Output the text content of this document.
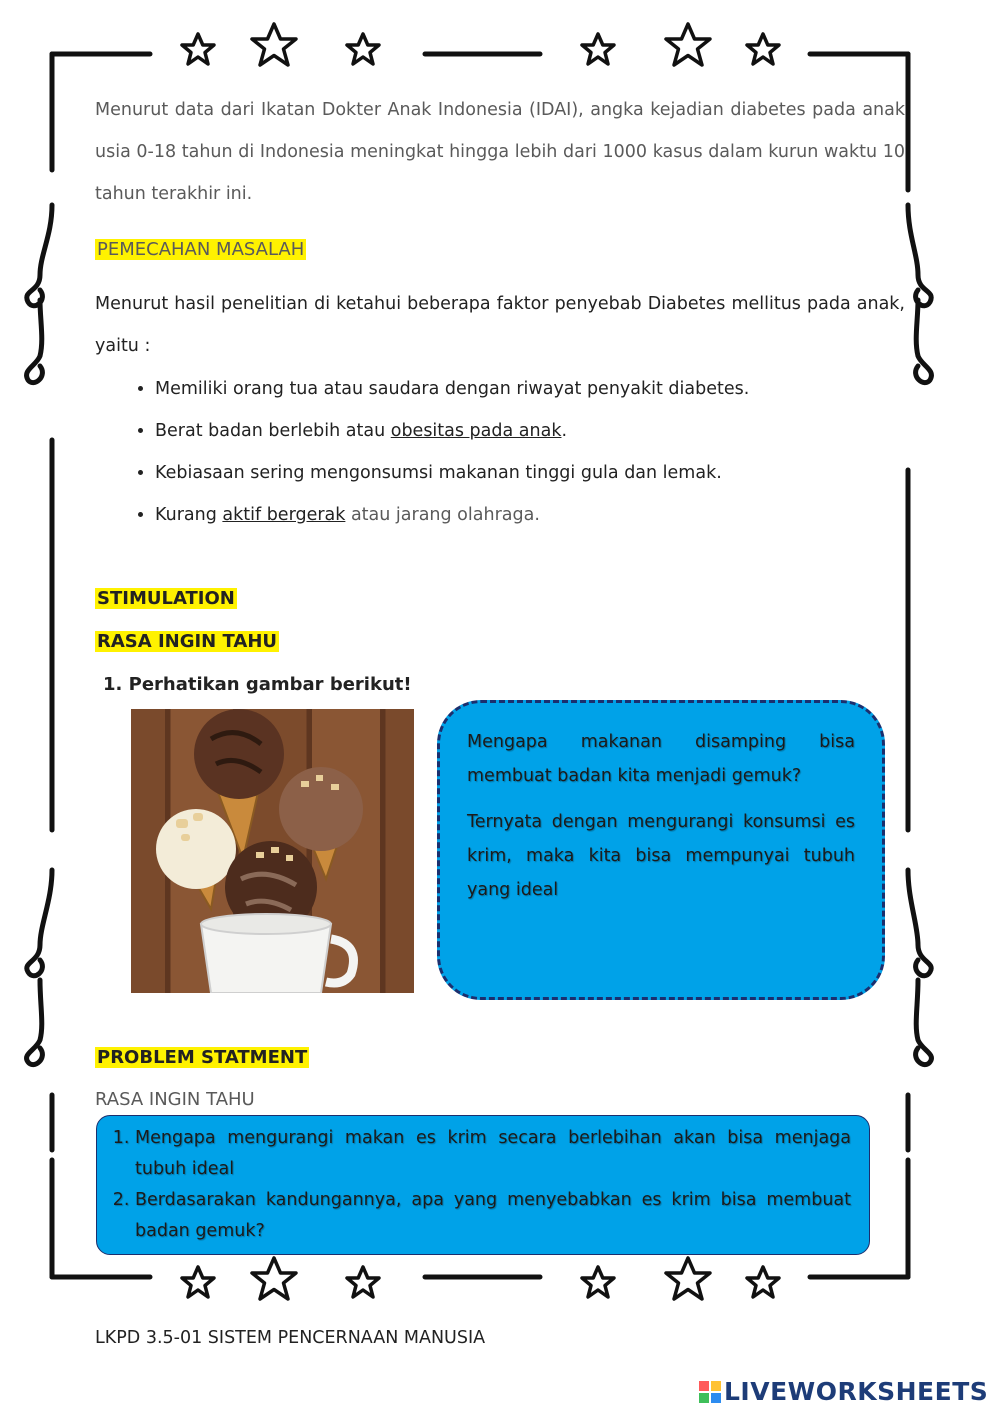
Menurut data dari Ikatan Dokter Anak Indonesia (IDAI), angka kejadian diabetes pada anak usia 0-18 tahun di Indonesia meningkat hingga lebih dari 1000 kasus dalam kurun waktu 10 tahun terakhir ini.
PEMECAHAN MASALAH
Menurut hasil penelitian di ketahui beberapa faktor penyebab Diabetes mellitus pada anak, yaitu :
• Memiliki orang tua atau saudara dengan riwayat penyakit diabetes.
• Berat badan berlebih atau obesitas pada anak.
• Kebiasaan sering mengonsumsi makanan tinggi gula dan lemak.
• Kurang aktif bergerak atau jarang olahraga.
STIMULATION
RASA INGIN TAHU
1. Perhatikan gambar berikut!

Mengapa makanan disamping bisa membuat badan kita menjadi gemuk?

Ternyata dengan mengurangi konsumsi es krim, maka kita bisa mempunyai tubuh yang ideal

PROBLEM STATMENT
RASA INGIN TAHU
1. Mengapa mengurangi makan es krim secara berlebihan akan bisa menjaga tubuh ideal
2. Berdasarakan kandungannya, apa yang menyebabkan es krim bisa membuat badan gemuk?
LKPD 3.5-01 SISTEM PENCERNAAN MANUSIA
LIVEWORKSHEETS
